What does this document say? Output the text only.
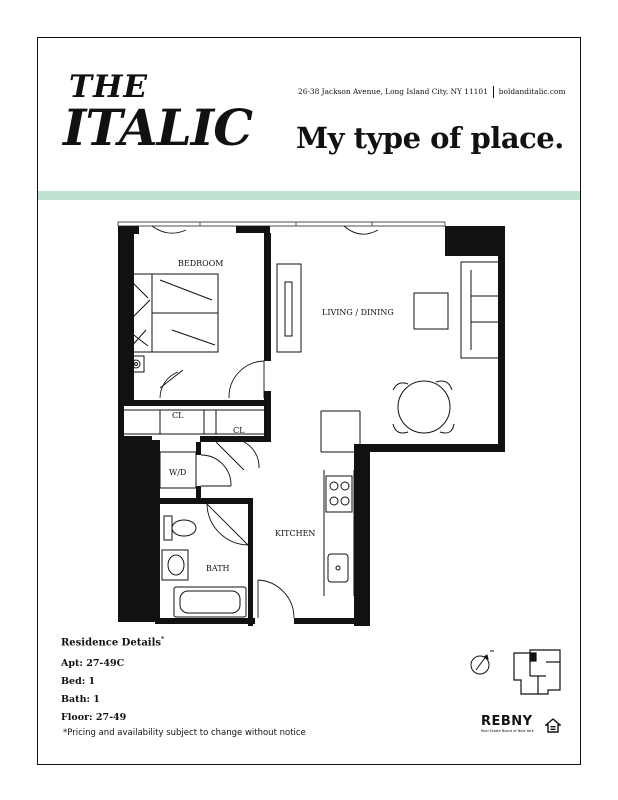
THE
ITALIC
26-38 Jackson Avenue, Long Island City, NY 11101 boldanditalic.com
My type of place.
BEDROOM
LIVING / DINING
CL
CL
W/D
KITCHEN
BATH
Residence Details*
Apt: 27-49C
Bed: 1
Bath: 1
Floor: 27-49
*Pricing and availability subject to change without notice
REBNY
Real Estate Board of New York
